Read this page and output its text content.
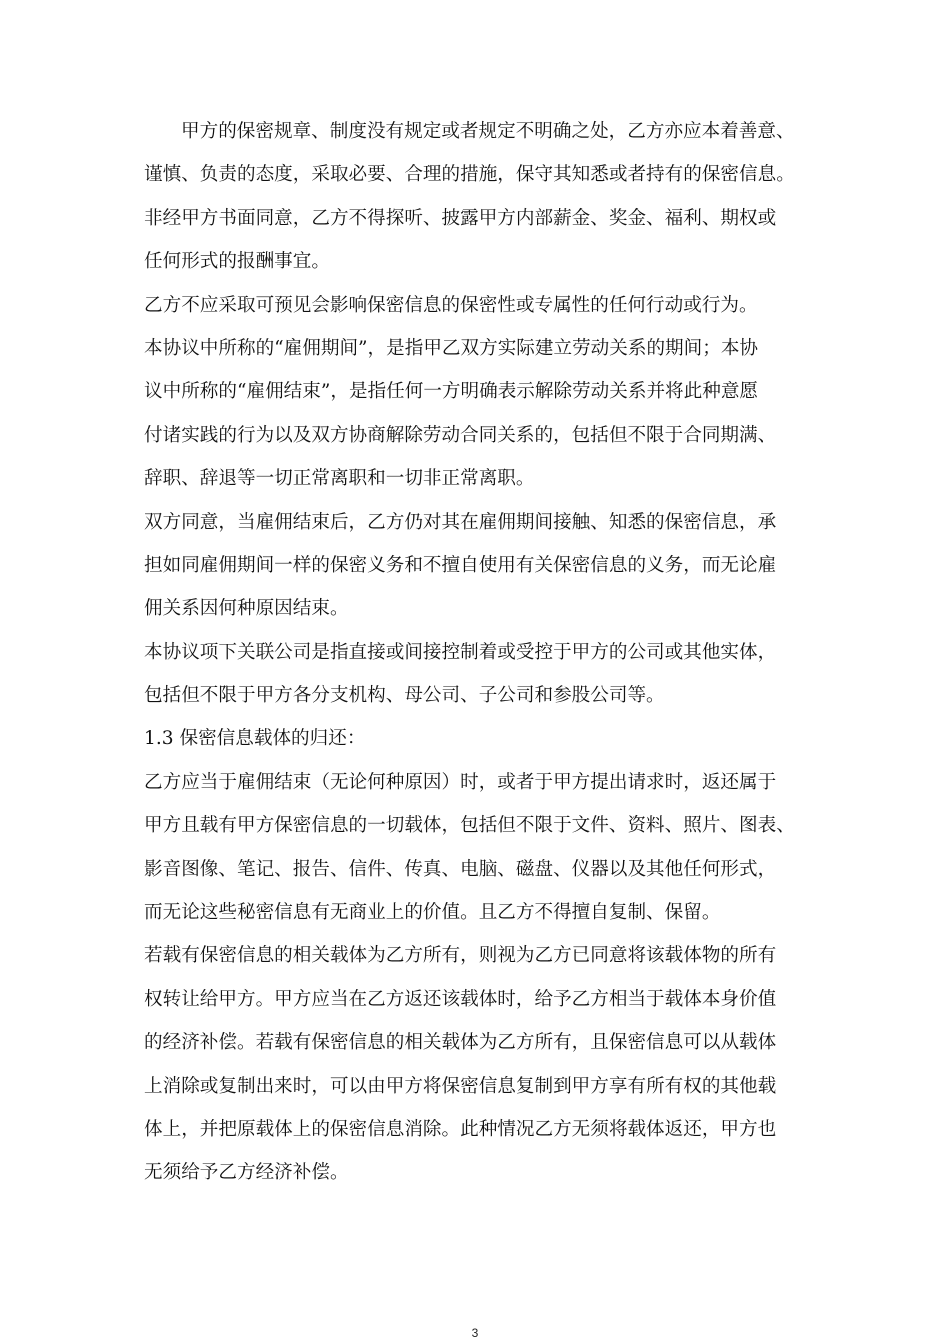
甲方的保密规章、制度没有规定或者规定不明确之处，乙方亦应本着善意、
谨慎、负责的态度，采取必要、合理的措施，保守其知悉或者持有的保密信息。
非经甲方书面同意，乙方不得探听、披露甲方内部薪金、奖金、福利、期权或
任何形式的报酬事宜。
乙方不应采取可预见会影响保密信息的保密性或专属性的任何行动或行为。
本协议中所称的“雇佣期间”，是指甲乙双方实际建立劳动关系的期间；本协
议中所称的“雇佣结束”，是指任何一方明确表示解除劳动关系并将此种意愿
付诸实践的行为以及双方协商解除劳动合同关系的，包括但不限于合同期满、
辞职、辞退等一切正常离职和一切非正常离职。
双方同意，当雇佣结束后，乙方仍对其在雇佣期间接触、知悉的保密信息，承
担如同雇佣期间一样的保密义务和不擅自使用有关保密信息的义务，而无论雇
佣关系因何种原因结束。
本协议项下关联公司是指直接或间接控制着或受控于甲方的公司或其他实体，
包括但不限于甲方各分支机构、母公司、子公司和参股公司等。
1.3 保密信息载体的归还：
乙方应当于雇佣结束（无论何种原因）时，或者于甲方提出请求时，返还属于
甲方且载有甲方保密信息的一切载体，包括但不限于文件、资料、照片、图表、
影音图像、笔记、报告、信件、传真、电脑、磁盘、仪器以及其他任何形式，
而无论这些秘密信息有无商业上的价值。且乙方不得擅自复制、保留。
若载有保密信息的相关载体为乙方所有，则视为乙方已同意将该载体物的所有
权转让给甲方。甲方应当在乙方返还该载体时，给予乙方相当于载体本身价值
的经济补偿。若载有保密信息的相关载体为乙方所有，且保密信息可以从载体
上消除或复制出来时，可以由甲方将保密信息复制到甲方享有所有权的其他载
体上，并把原载体上的保密信息消除。此种情况乙方无须将载体返还，甲方也
无须给予乙方经济补偿。
3
